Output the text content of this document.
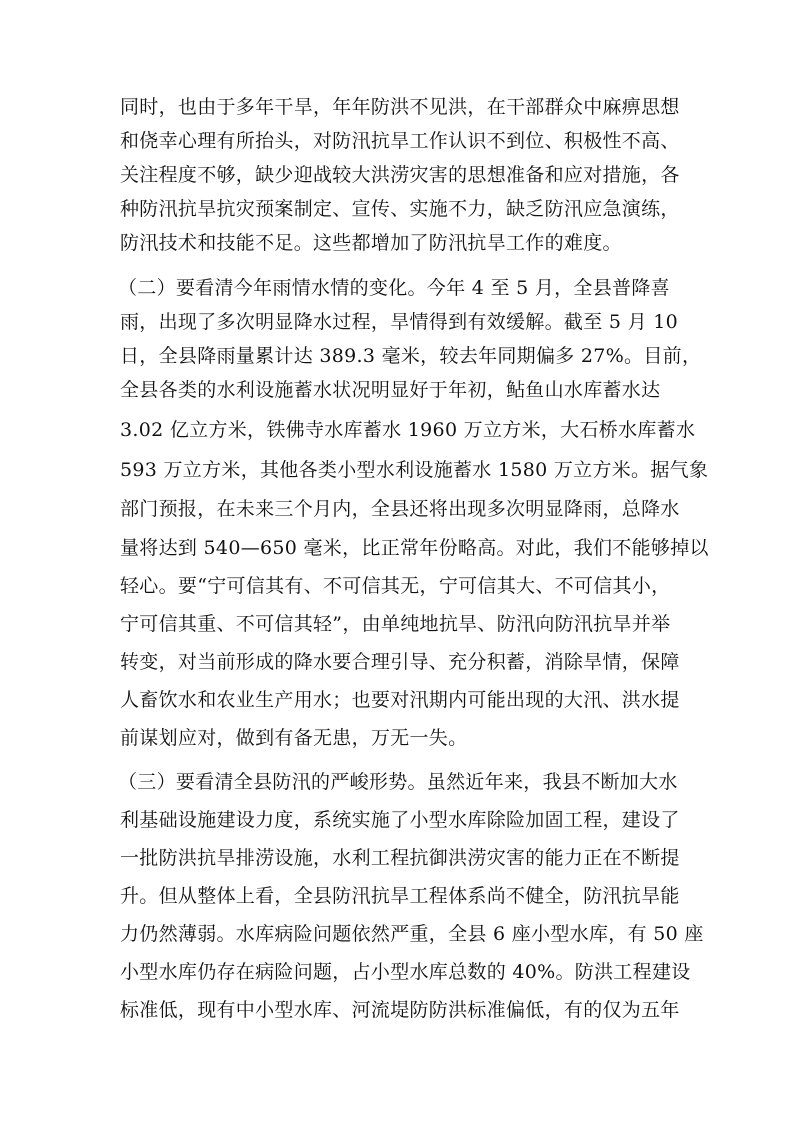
同时，也由于多年干旱，年年防洪不见洪，在干部群众中麻痹思想
和侥幸心理有所抬头，对防汛抗旱工作认识不到位、积极性不高、
关注程度不够，缺少迎战较大洪涝灾害的思想准备和应对措施，各
种防汛抗旱抗灾预案制定、宣传、实施不力，缺乏防汛应急演练，
防汛技术和技能不足。这些都增加了防汛抗旱工作的难度。
（二）要看清今年雨情水情的变化。今年 4 至 5 月，全县普降喜
雨，出现了多次明显降水过程，旱情得到有效缓解。截至 5 月 10
日，全县降雨量累计达 389.3 毫米，较去年同期偏多 27%。目前，
全县各类的水利设施蓄水状况明显好于年初，鲇鱼山水库蓄水达
3.02 亿立方米，铁佛寺水库蓄水 1960 万立方米，大石桥水库蓄水
593 万立方米，其他各类小型水利设施蓄水 1580 万立方米。据气象
部门预报，在未来三个月内，全县还将出现多次明显降雨，总降水
量将达到 540—650 毫米，比正常年份略高。对此，我们不能够掉以
轻心。要“宁可信其有、不可信其无，宁可信其大、不可信其小，
宁可信其重、不可信其轻”，由单纯地抗旱、防汛向防汛抗旱并举
转变，对当前形成的降水要合理引导、充分积蓄，消除旱情，保障
人畜饮水和农业生产用水；也要对汛期内可能出现的大汛、洪水提
前谋划应对，做到有备无患，万无一失。
（三）要看清全县防汛的严峻形势。虽然近年来，我县不断加大水
利基础设施建设力度，系统实施了小型水库除险加固工程，建设了
一批防洪抗旱排涝设施，水利工程抗御洪涝灾害的能力正在不断提
升。但从整体上看，全县防汛抗旱工程体系尚不健全，防汛抗旱能
力仍然薄弱。水库病险问题依然严重，全县 6 座小型水库，有 50 座
小型水库仍存在病险问题，占小型水库总数的 40%。防洪工程建设
标准低，现有中小型水库、河流堤防防洪标准偏低，有的仅为五年
